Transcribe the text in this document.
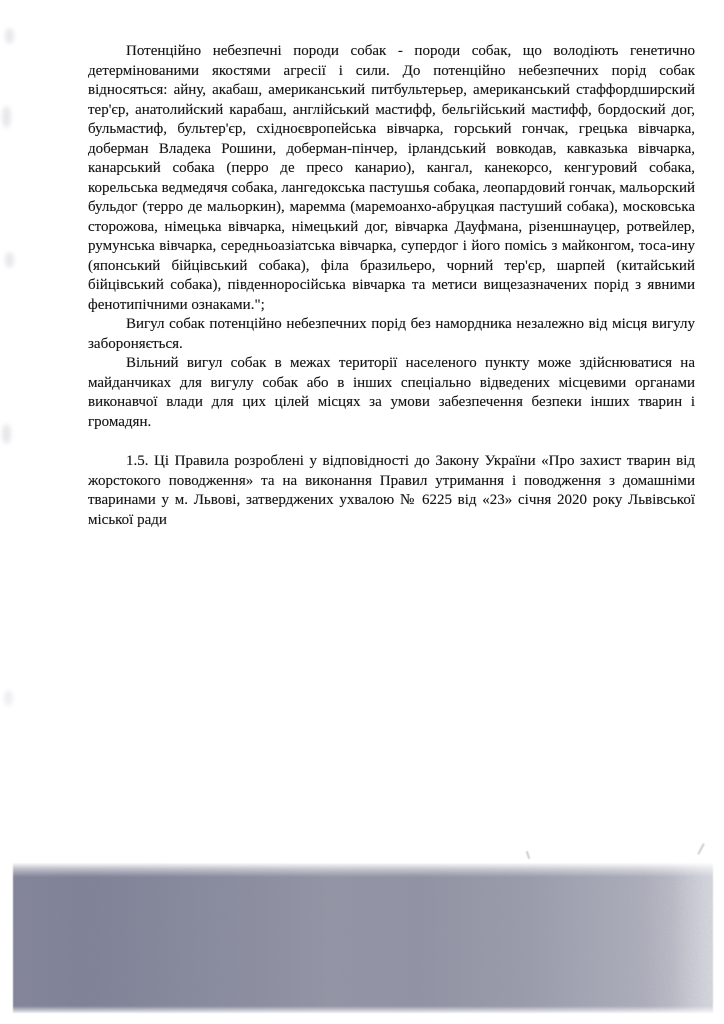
Потенційно небезпечні породи собак - породи собак, що володіють генетично детермінованими якостями агресії і сили. До потенційно небезпечних порід собак відносяться: айну, акабаш, американський питбультерьер, американський стаффордширский тер'єр, анатолийский карабаш, англійський мастифф, бельгійський мастифф, бордоский дог, бульмастиф, бультер'єр, східноєвропейська вівчарка, горський гончак, грецька вівчарка, доберман Владека Рошини, доберман-пінчер, ірландський вовкодав, кавказька вівчарка, канарський собака (перро де пресо канарио), кангал, канекорсо, кенгуровий собака, корельська ведмедячя собака, лангедокська пастушья собака, леопардовий гончак, мальорский бульдог (терро де мальоркин), маремма (маремоанхо-абруцкая пастуший собака), московська сторожова, німецька вівчарка, німецький дог, вівчарка Дауфмана, різеншнауцер, ротвейлер, румунська вівчарка, середньоазіатська вівчарка, супердог і його помісь з майконгом, тоса-ину (японський бійцівський собака), філа бразильеро, чорний тер'єр, шарпей (китайський бійцівський собака), південноросійська вівчарка та метиси вищезазначених порід з явними фенотипічними ознаками.";

Вигул собак потенційно небезпечних порід без намордника незалежно від місця вигулу забороняється.

Вільний вигул собак в межах території населеного пункту може здійснюватися на майданчиках для вигулу собак або в інших спеціально відведених місцевими органами виконавчої влади для цих цілей місцях за умови забезпечення безпеки інших тварин і громадян.

1.5. Ці Правила розроблені у відповідності до Закону України «Про захист тварин від жорстокого поводження» та на виконання Правил утримання і поводження з домашніми тваринами у м. Львові, затверджених ухвалою № 6225 від «23» січня 2020 року Львівської міської ради
